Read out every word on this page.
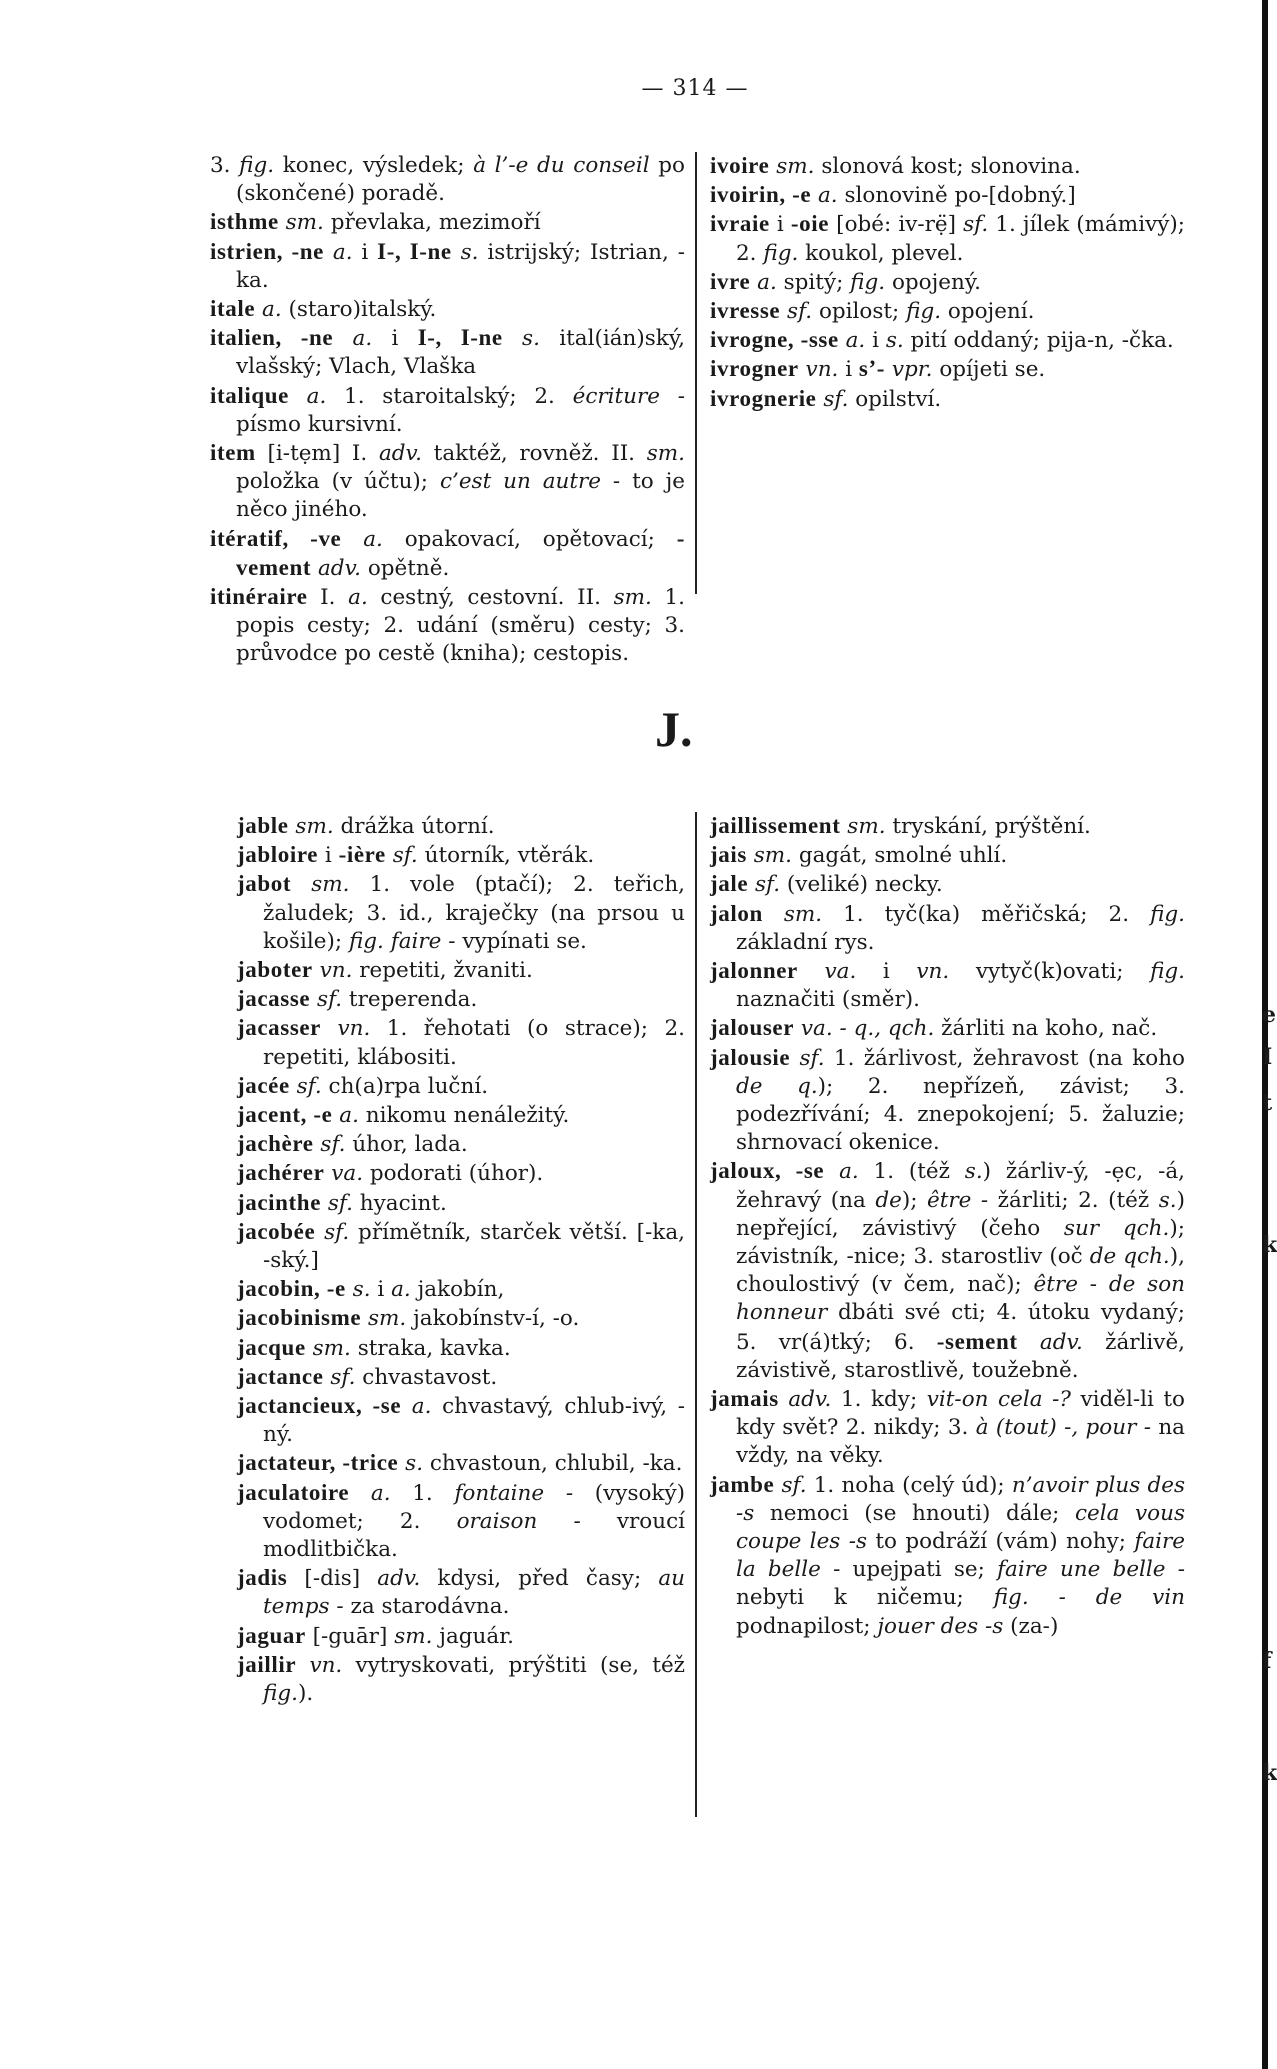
— 314 —

3. fig. konec, výsledek; à l’-e du conseil po (skončené) poradě.

isthme sm. převlaka, mezimoří

istrien, -ne a. i I-, I-ne s. istrijský; Istrian, -ka.

itale a. (staro)italský.

italien, -ne a. i I-, I-ne s. ital(ián)ský, vlašský; Vlach, Vlaška

italique a. 1. staroitalský; 2. écriture - písmo kursivní.

item [i-tẹm] I. adv. taktéž, rovněž. II. sm. položka (v účtu); c’est un autre - to je něco jiného.

itératif, -ve a. opakovací, opětovací; -vement adv. opětně.

itinéraire I. a. cestný, cestovní. II. sm. 1. popis cesty; 2. udání (směru) cesty; 3. průvodce po cestě (kniha); cestopis.

ivoire sm. slonová kost; slonovina.

ivoirin, -e a. slonovině po-[dobný.]

ivraie i -oie [obé: iv-rẹ̈] sf. 1. jílek (mámivý); 2. fig. koukol, plevel.

ivre a. spitý; fig. opojený.

ivresse sf. opilost; fig. opojení.

ivrogne, -sse a. i s. pití oddaný; pija-n, -čka.

ivrogner vn. i s’- vpr. opíjeti se.

ivrognerie sf. opilství.

J.

jable sm. drážka útorní.

jabloire i -ière sf. útorník, vtěrák.

jabot sm. 1. vole (ptačí); 2. teřich, žaludek; 3. id., kraječky (na prsou u košile); fig. faire - vypínati se.

jaboter vn. repetiti, žvaniti.

jacasse sf. treperenda.

jacasser vn. 1. řehotati (o strace); 2. repetiti, klábositi.

jacée sf. ch(a)rpa luční.

jacent, -e a. nikomu nenáležitý.

jachère sf. úhor, lada.

jachérer va. podorati (úhor).

jacinthe sf. hyacint.

jacobée sf. přímětník, starček větší. [-ka, -ský.]

jacobin, -e s. i a. jakobín,

jacobinisme sm. jakobínstv-í, -o.

jacque sm. straka, kavka.

jactance sf. chvastavost.

jactancieux, -se a. chvastavý, chlub-ivý, -ný.

jactateur, -trice s. chvastoun, chlubil, -ka.

jaculatoire a. 1. fontaine - (vysoký) vodomet; 2. oraison - vroucí modlitbička.

jadis [-dis] adv. kdysi, před časy; au temps - za starodávna.

jaguar [-guār] sm. jaguár.

jaillir vn. vytryskovati, prýštiti (se, též fig.).

jaillissement sm. tryskání, prýštění.

jais sm. gagát, smolné uhlí.

jale sf. (veliké) necky.

jalon sm. 1. tyč(ka) měřičská; 2. fig. základní rys.

jalonner va. i vn. vytyč(k)ovati; fig. naznačiti (směr).

jalouser va. - q., qch. žárliti na koho, nač.

jalousie sf. 1. žárlivost, žehravost (na koho de q.); 2. nepřízeň, závist; 3. podezřívání; 4. znepokojení; 5. žaluzie; shrnovací okenice.

jaloux, -se a. 1. (též s.) žárliv-ý, -ẹc, -á, žehravý (na de); être - žárliti; 2. (též s.) nepřející, závistivý (čeho sur qch.); závistník, -nice; 3. starostliv (oč de qch.), choulostivý (v čem, nač); être - de son honneur dbáti své cti; 4. útoku vydaný; 5. vr(á)tký; 6. -sement adv. žárlivě, závistivě, starostlivě, toužebně.

jamais adv. 1. kdy; vit-on cela -? viděl-li to kdy svět? 2. nikdy; 3. à (tout) -, pour - na vždy, na věky.

jambe sf. 1. noha (celý úd); n’avoir plus des -s nemoci (se hnouti) dále; cela vous coupe les -s to podráží (vám) nohy; faire la belle - upejpati se; faire une belle - nebyti k ničemu; fig. - de vin podnapilost; jouer des -s (za-)

e
I
t
k
f
k
